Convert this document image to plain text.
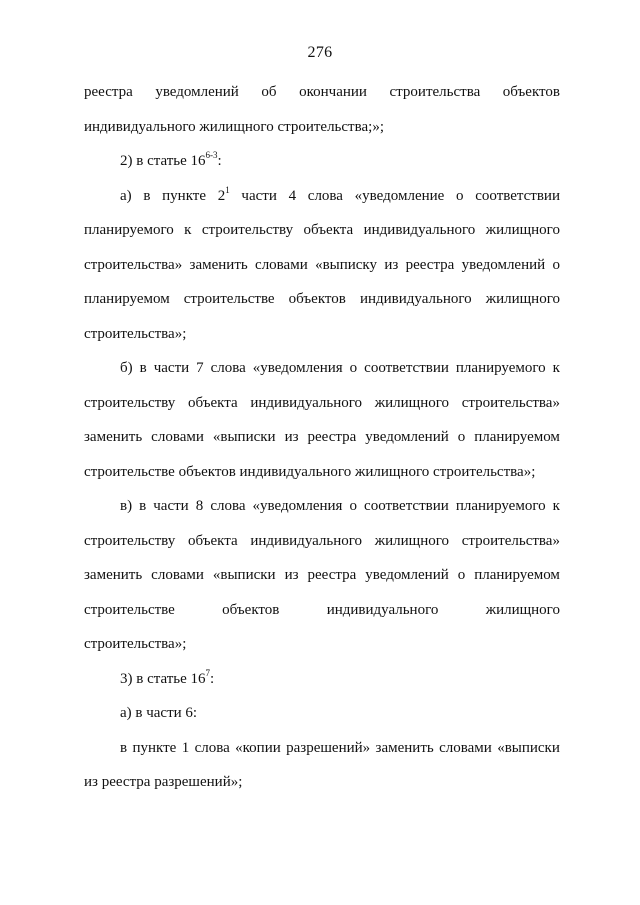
276
реестра уведомлений об окончании строительства объектов
индивидуального жилищного строительства;»;
2) в статье 16$^{6-3}$:
а) в пункте $2^1$ части 4 слова «уведомление о соответствии
планируемого к строительству объекта индивидуального жилищного
строительства» заменить словами «выписку из реестра уведомлений о
планируемом строительстве объектов индивидуального жилищного
строительства»;
б) в части 7 слова «уведомления о соответствии планируемого к
строительству объекта индивидуального жилищного строительства»
заменить словами «выписки из реестра уведомлений о планируемом
строительстве объектов индивидуального жилищного строительства»;
в) в части 8 слова «уведомления о соответствии планируемого к
строительству объекта индивидуального жилищного строительства»
заменить словами «выписки из реестра уведомлений о планируемом
строительстве	объектов	индивидуального	жилищного
строительства»;
3) в статье $16^7$:
а) в части 6:
в пункте 1 слова «копии разрешений» заменить словами «выписки
из реестра разрешений»;
